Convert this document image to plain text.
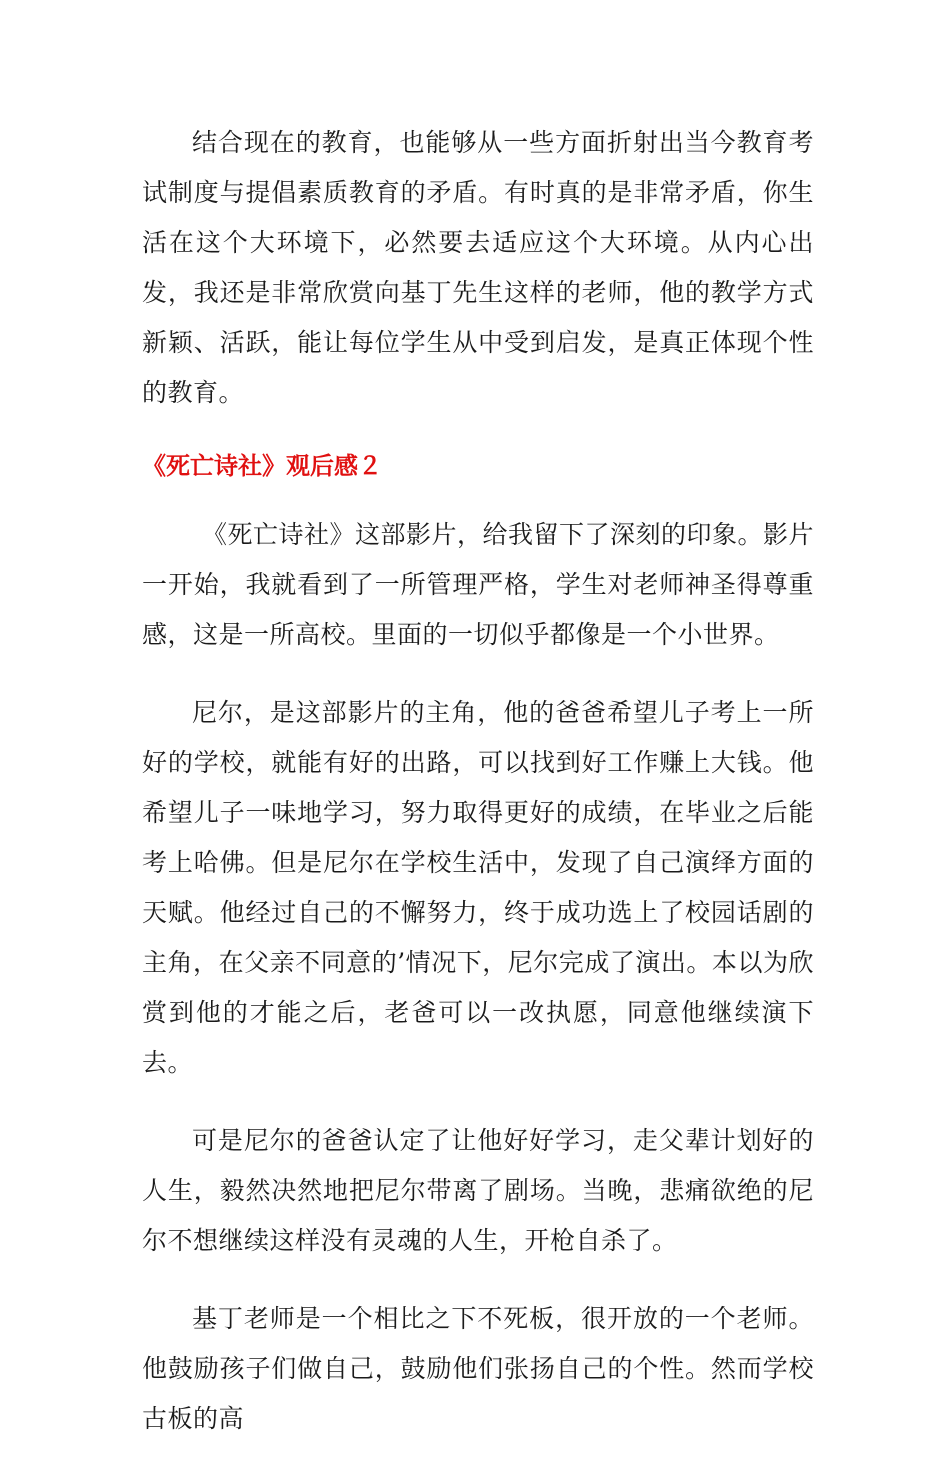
结合现在的教育，也能够从一些方面折射出当今教育考试制度与提倡素质教育的矛盾。有时真的是非常矛盾，你生活在这个大环境下，必然要去适应这个大环境。从内心出发，我还是非常欣赏向基丁先生这样的老师，他的教学方式新颖、活跃，能让每位学生从中受到启发，是真正体现个性的教育。

《死亡诗社》观后感２

《死亡诗社》这部影片，给我留下了深刻的印象。影片一开始，我就看到了一所管理严格，学生对老师神圣得尊重感，这是一所高校。里面的一切似乎都像是一个小世界。

尼尔，是这部影片的主角，他的爸爸希望儿子考上一所好的学校，就能有好的出路，可以找到好工作赚上大钱。他希望儿子一味地学习，努力取得更好的成绩，在毕业之后能考上哈佛。但是尼尔在学校生活中，发现了自己演绎方面的天赋。他经过自己的不懈努力，终于成功选上了校园话剧的主角，在父亲不同意的’情况下，尼尔完成了演出。本以为欣赏到他的才能之后，老爸可以一改执愿，同意他继续演下去。

可是尼尔的爸爸认定了让他好好学习，走父辈计划好的人生，毅然决然地把尼尔带离了剧场。当晚，悲痛欲绝的尼尔不想继续这样没有灵魂的人生，开枪自杀了。

基丁老师是一个相比之下不死板，很开放的一个老师。他鼓励孩子们做自己，鼓励他们张扬自己的个性。然而学校古板的高
